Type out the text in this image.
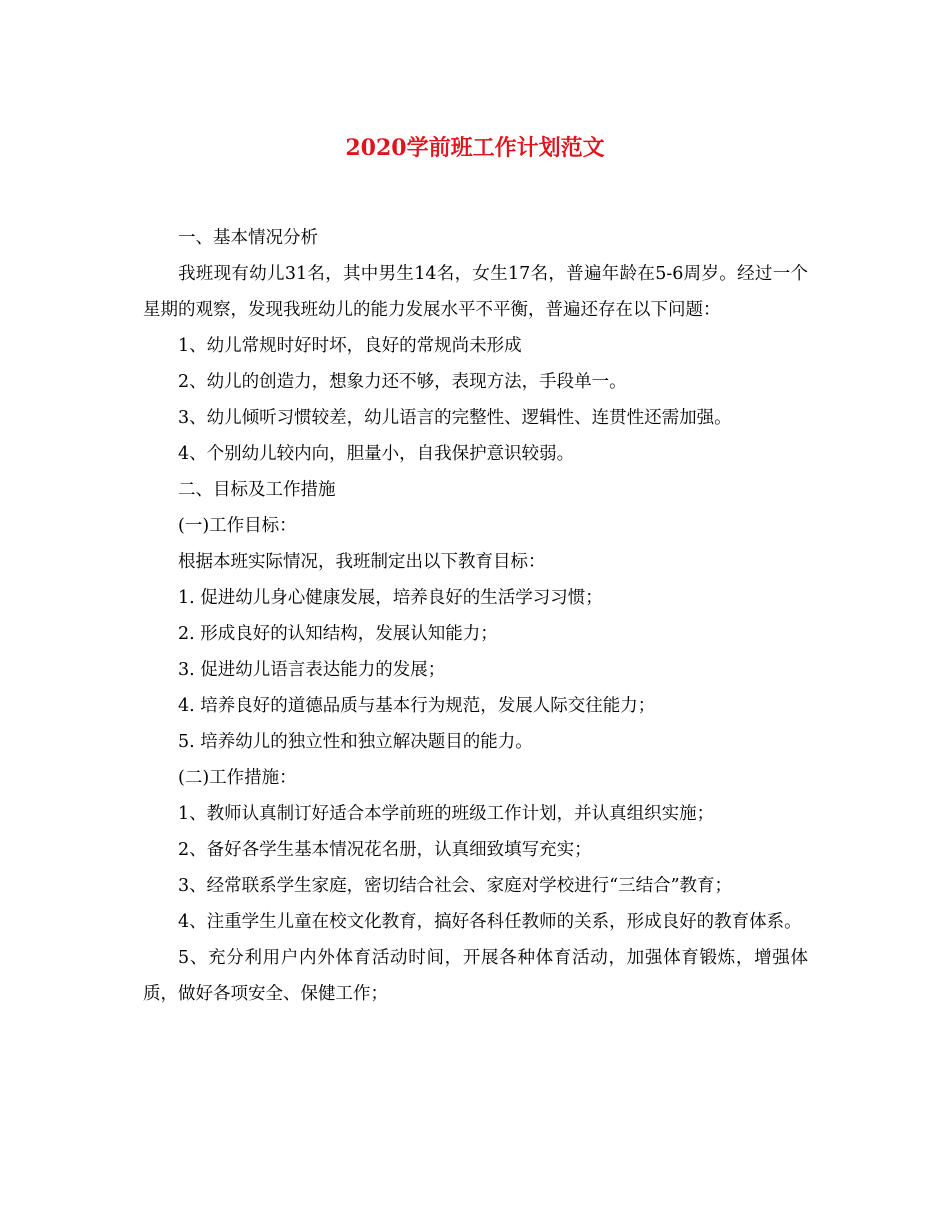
2020学前班工作计划范文

一、基本情况分析

我班现有幼儿31名，其中男生14名，女生17名，普遍年龄在5-6周岁。经过一个星期的观察，发现我班幼儿的能力发展水平不平衡，普遍还存在以下问题：

1、幼儿常规时好时坏，良好的常规尚未形成

2、幼儿的创造力，想象力还不够，表现方法，手段单一。

3、幼儿倾听习惯较差，幼儿语言的完整性、逻辑性、连贯性还需加强。

4、个别幼儿较内向，胆量小，自我保护意识较弱。

二、目标及工作措施

(一)工作目标：

根据本班实际情况，我班制定出以下教育目标：

1. 促进幼儿身心健康发展，培养良好的生活学习习惯；

2. 形成良好的认知结构，发展认知能力；

3. 促进幼儿语言表达能力的发展；

4. 培养良好的道德品质与基本行为规范，发展人际交往能力；

5. 培养幼儿的独立性和独立解决题目的能力。

(二)工作措施：

1、教师认真制订好适合本学前班的班级工作计划，并认真组织实施；

2、备好各学生基本情况花名册，认真细致填写充实；

3、经常联系学生家庭，密切结合社会、家庭对学校进行“三结合”教育；

4、注重学生儿童在校文化教育，搞好各科任教师的关系，形成良好的教育体系。

5、充分利用户内外体育活动时间，开展各种体育活动，加强体育锻炼，增强体质，做好各项安全、保健工作；
